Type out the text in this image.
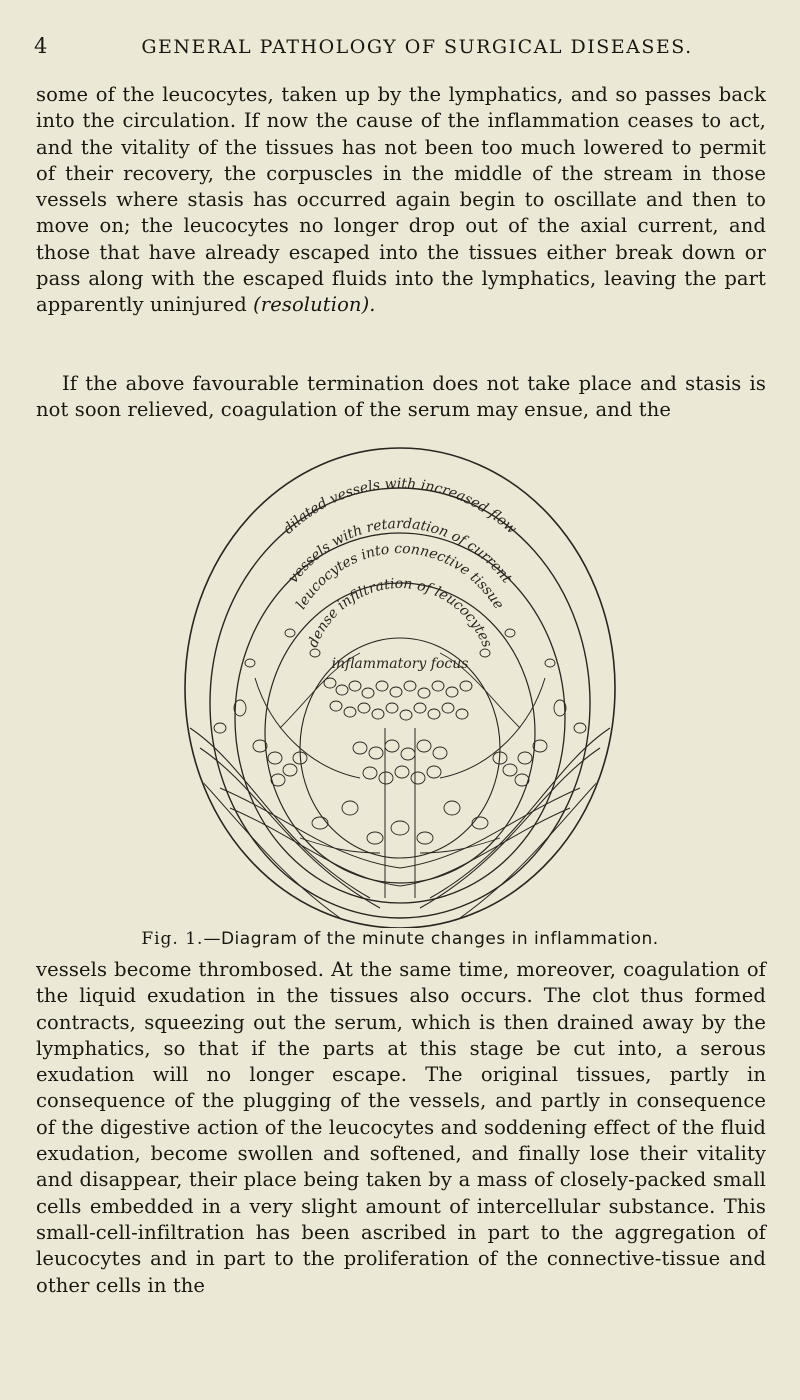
4	GENERAL PATHOLOGY OF SURGICAL DISEASES.

some of the leucocytes, taken up by the lymphatics, and so passes back into the circulation. If now the cause of the inflammation ceases to act, and the vitality of the tissues has not been too much lowered to permit of their recovery, the corpuscles in the middle of the stream in those vessels where stasis has occurred again begin to oscillate and then to move on; the leucocytes no longer drop out of the axial current, and those that have already escaped into the tissues either break down or pass along with the escaped fluids into the lymphatics, leaving the part apparently uninjured (resolution).

If the above favourable termination does not take place and stasis is not soon relieved, coagulation of the serum may ensue, and the

dilated vessels with increased flow
vessels with retardation of current
leucocytes into connective tissue
dense infiltration of leucocytes
inflammatory focus
Fig. 1.—Diagram of the minute changes in inflammation.

vessels become thrombosed. At the same time, moreover, coagulation of the liquid exudation in the tissues also occurs. The clot thus formed contracts, squeezing out the serum, which is then drained away by the lymphatics, so that if the parts at this stage be cut into, a serous exudation will no longer escape. The original tissues, partly in consequence of the plugging of the vessels, and partly in consequence of the digestive action of the leucocytes and soddening effect of the fluid exudation, become swollen and softened, and finally lose their vitality and disappear, their place being taken by a mass of closely-packed small cells embedded in a very slight amount of intercellular substance. This small-cell-infiltration has been ascribed in part to the aggregation of leucocytes and in part to the proliferation of the connective-tissue and other cells in the
